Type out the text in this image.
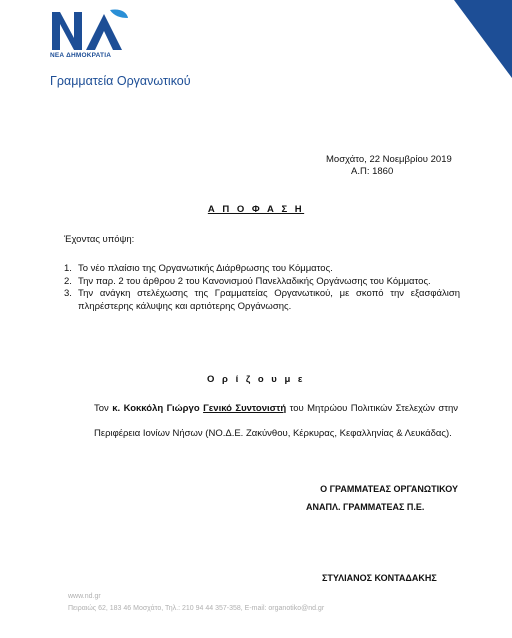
ΝΕΑ ΔΗΜΟΚΡΑΤΙΑ
Γραμματεία Οργανωτικού
Μοσχάτο, 22 Νοεμβρίου 2019
Α.Π: 1860
Α Π Ο Φ Α Σ Η
Έχοντας υπόψη:
1. Το νέο πλαίσιο της Οργανωτικής Διάρθρωσης του Κόμματος.
2. Την παρ. 2 του άρθρου 2 του Κανονισμού Πανελλαδικής Οργάνωσης του Κόμματος.
3. Την ανάγκη στελέχωσης της Γραμματείας Οργανωτικού, με σκοπό την εξασφάλιση πληρέστερης κάλυψης και αρτιότερης Οργάνωσης.
Ο ρ ί ζ ο υ μ ε
Τον κ. Κοκκόλη Γιώργο Γενικό Συντονιστή του Μητρώου Πολιτικών Στελεχών στην Περιφέρεια Ιονίων Νήσων (ΝΟ.Δ.Ε. Ζακύνθου, Κέρκυρας, Κεφαλληνίας & Λευκάδας).
Ο ΓΡΑΜΜΑΤΕΑΣ ΟΡΓΑΝΩΤΙΚΟΥ
ΑΝΑΠΛ. ΓΡΑΜΜΑΤΕΑΣ Π.Ε.
ΣΤΥΛΙΑΝΟΣ ΚΟΝΤΑΔΑΚΗΣ
www.nd.gr
Πειραιώς 62, 183 46 Μοσχάτο, Τηλ.: 210 94 44 357-358, E-mail: organotiko@nd.gr
